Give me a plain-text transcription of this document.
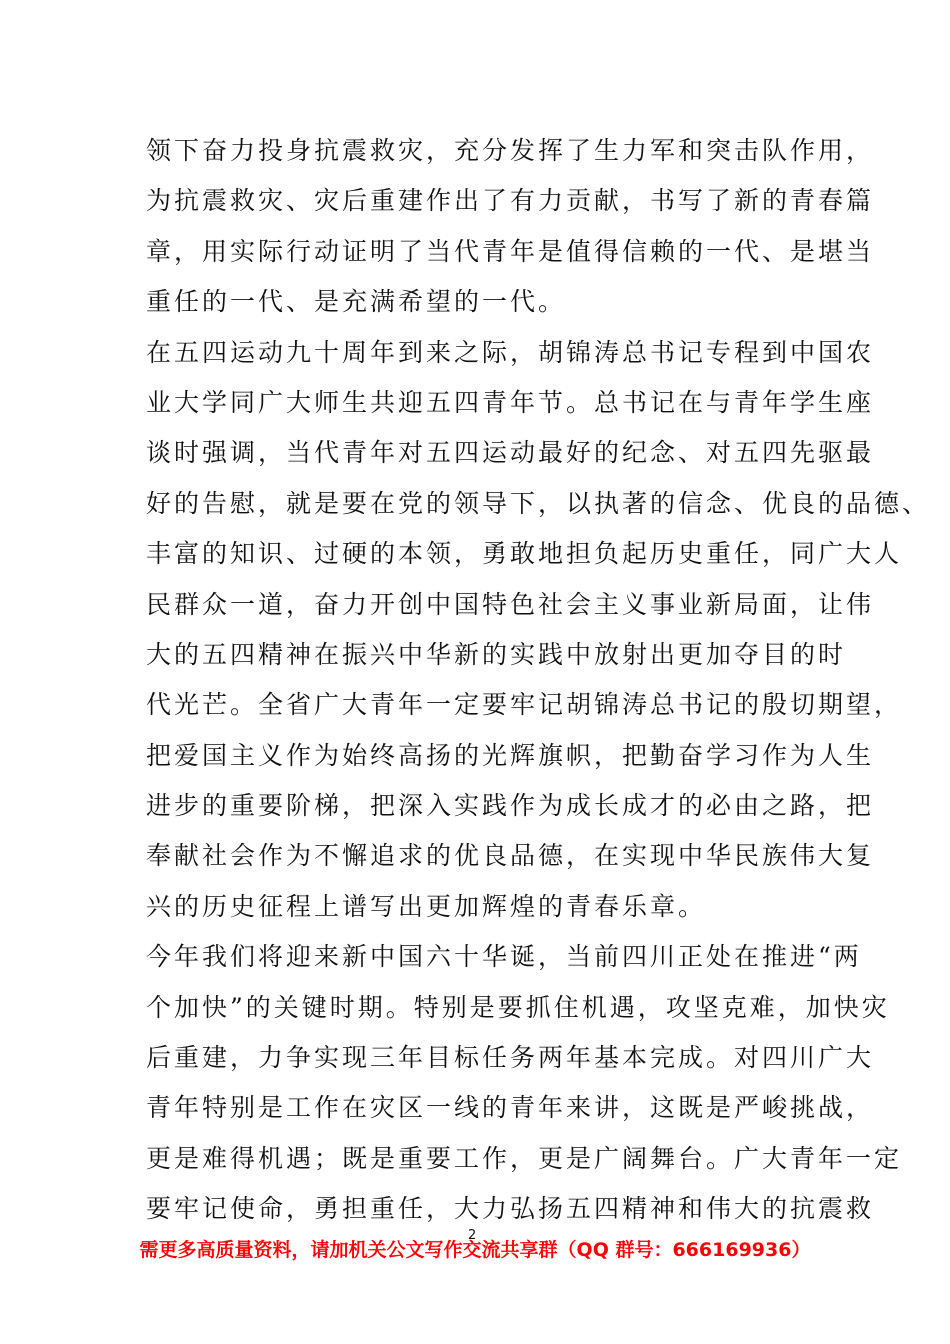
领下奋力投身抗震救灾，充分发挥了生力军和突击队作用，
为抗震救灾、灾后重建作出了有力贡献，书写了新的青春篇
章，用实际行动证明了当代青年是值得信赖的一代、是堪当
重任的一代、是充满希望的一代。
在五四运动九十周年到来之际，胡锦涛总书记专程到中国农
业大学同广大师生共迎五四青年节。总书记在与青年学生座
谈时强调，当代青年对五四运动最好的纪念、对五四先驱最
好的告慰，就是要在党的领导下，以执著的信念、优良的品德、
丰富的知识、过硬的本领，勇敢地担负起历史重任，同广大人
民群众一道，奋力开创中国特色社会主义事业新局面，让伟
大的五四精神在振兴中华新的实践中放射出更加夺目的时
代光芒。全省广大青年一定要牢记胡锦涛总书记的殷切期望，
把爱国主义作为始终高扬的光辉旗帜，把勤奋学习作为人生
进步的重要阶梯，把深入实践作为成长成才的必由之路，把
奉献社会作为不懈追求的优良品德，在实现中华民族伟大复
兴的历史征程上谱写出更加辉煌的青春乐章。
今年我们将迎来新中国六十华诞，当前四川正处在推进“两
个加快”的关键时期。特别是要抓住机遇，攻坚克难，加快灾
后重建，力争实现三年目标任务两年基本完成。对四川广大
青年特别是工作在灾区一线的青年来讲，这既是严峻挑战，
更是难得机遇；既是重要工作，更是广阔舞台。广大青年一定
要牢记使命，勇担重任，大力弘扬五四精神和伟大的抗震救
2
需更多高质量资料，请加机关公文写作交流共享群（QQ 群号：666169936）
